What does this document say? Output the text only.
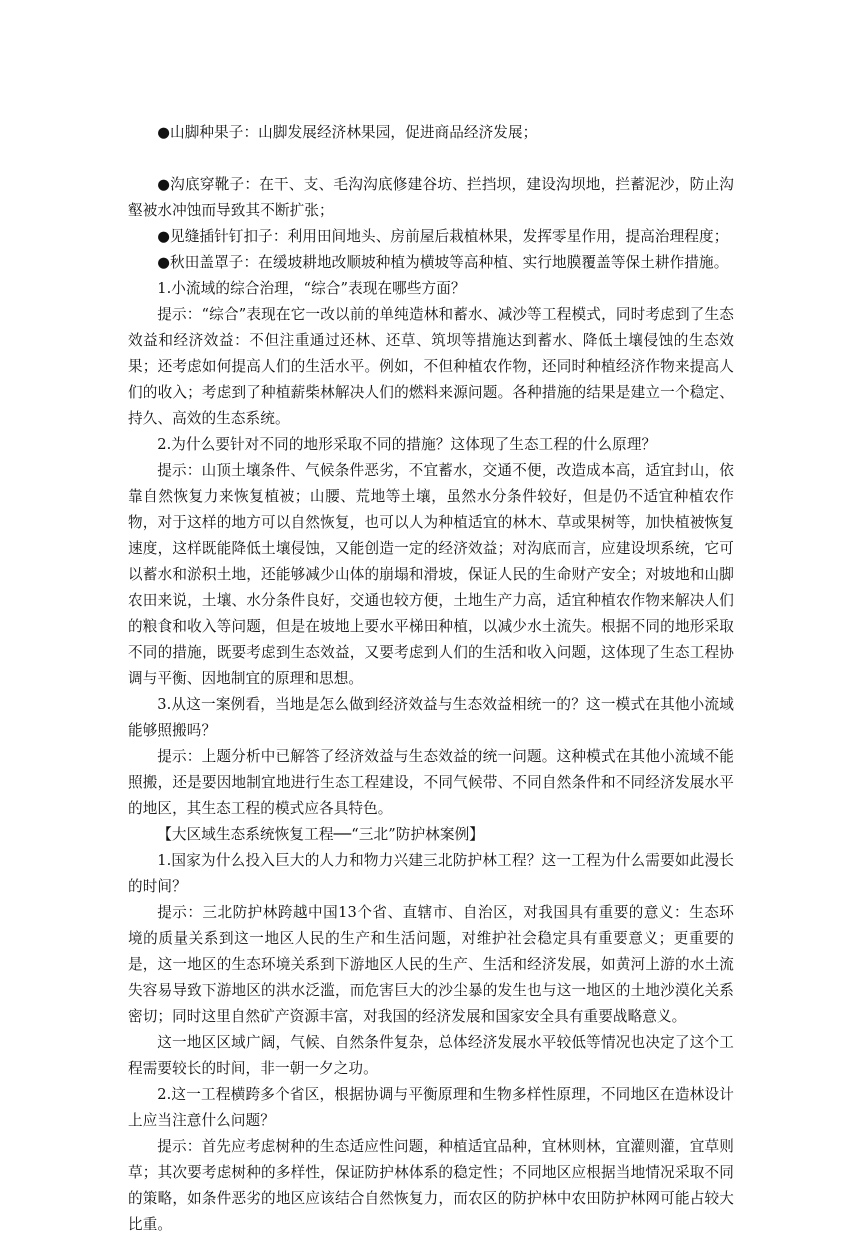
●山脚种果子：山脚发展经济林果园，促进商品经济发展；

●沟底穿靴子：在干、支、毛沟沟底修建谷坊、拦挡坝，建设沟坝地，拦蓄泥沙，防止沟壑被水冲蚀而导致其不断扩张；

●见缝插针钉扣子：利用田间地头、房前屋后栽植林果，发挥零星作用，提高治理程度；

●秋田盖罩子：在缓坡耕地改顺坡种植为横坡等高种植、实行地膜覆盖等保土耕作措施。

1.小流域的综合治理，“综合”表现在哪些方面？

提示：“综合”表现在它一改以前的单纯造林和蓄水、减沙等工程模式，同时考虑到了生态效益和经济效益：不但注重通过还林、还草、筑坝等措施达到蓄水、降低土壤侵蚀的生态效果；还考虑如何提高人们的生活水平。例如，不但种植农作物，还同时种植经济作物来提高人们的收入；考虑到了种植薪柴林解决人们的燃料来源问题。各种措施的结果是建立一个稳定、持久、高效的生态系统。

2.为什么要针对不同的地形采取不同的措施？这体现了生态工程的什么原理？

提示：山顶土壤条件、气候条件恶劣，不宜蓄水，交通不便，改造成本高，适宜封山，依靠自然恢复力来恢复植被；山腰、荒地等土壤，虽然水分条件较好，但是仍不适宜种植农作物，对于这样的地方可以自然恢复，也可以人为种植适宜的林木、草或果树等，加快植被恢复速度，这样既能降低土壤侵蚀，又能创造一定的经济效益；对沟底而言，应建设坝系统，它可以蓄水和淤积土地，还能够减少山体的崩塌和滑坡，保证人民的生命财产安全；对坡地和山脚农田来说，土壤、水分条件良好，交通也较方便，土地生产力高，适宜种植农作物来解决人们的粮食和收入等问题，但是在坡地上要水平梯田种植，以减少水土流失。根据不同的地形采取不同的措施，既要考虑到生态效益，又要考虑到人们的生活和收入问题，这体现了生态工程协调与平衡、因地制宜的原理和思想。

3.从这一案例看，当地是怎么做到经济效益与生态效益相统一的？这一模式在其他小流域能够照搬吗？

提示：上题分析中已解答了经济效益与生态效益的统一问题。这种模式在其他小流域不能照搬，还是要因地制宜地进行生态工程建设，不同气候带、不同自然条件和不同经济发展水平的地区，其生态工程的模式应各具特色。

【大区域生态系统恢复工程──“三北”防护林案例】

1.国家为什么投入巨大的人力和物力兴建三北防护林工程？这一工程为什么需要如此漫长的时间？

提示：三北防护林跨越中国13个省、直辖市、自治区，对我国具有重要的意义：生态环境的质量关系到这一地区人民的生产和生活问题，对维护社会稳定具有重要意义；更重要的是，这一地区的生态环境关系到下游地区人民的生产、生活和经济发展，如黄河上游的水土流失容易导致下游地区的洪水泛滥，而危害巨大的沙尘暴的发生也与这一地区的土地沙漠化关系密切；同时这里自然矿产资源丰富，对我国的经济发展和国家安全具有重要战略意义。

这一地区区域广阔，气候、自然条件复杂，总体经济发展水平较低等情况也决定了这个工程需要较长的时间，非一朝一夕之功。

2.这一工程横跨多个省区，根据协调与平衡原理和生物多样性原理，不同地区在造林设计上应当注意什么问题？

提示：首先应考虑树种的生态适应性问题，种植适宜品种，宜林则林，宜灌则灌，宜草则草；其次要考虑树种的多样性，保证防护林体系的稳定性；不同地区应根据当地情况采取不同的策略，如条件恶劣的地区应该结合自然恢复力，而农区的防护林中农田防护林网可能占较大比重。
